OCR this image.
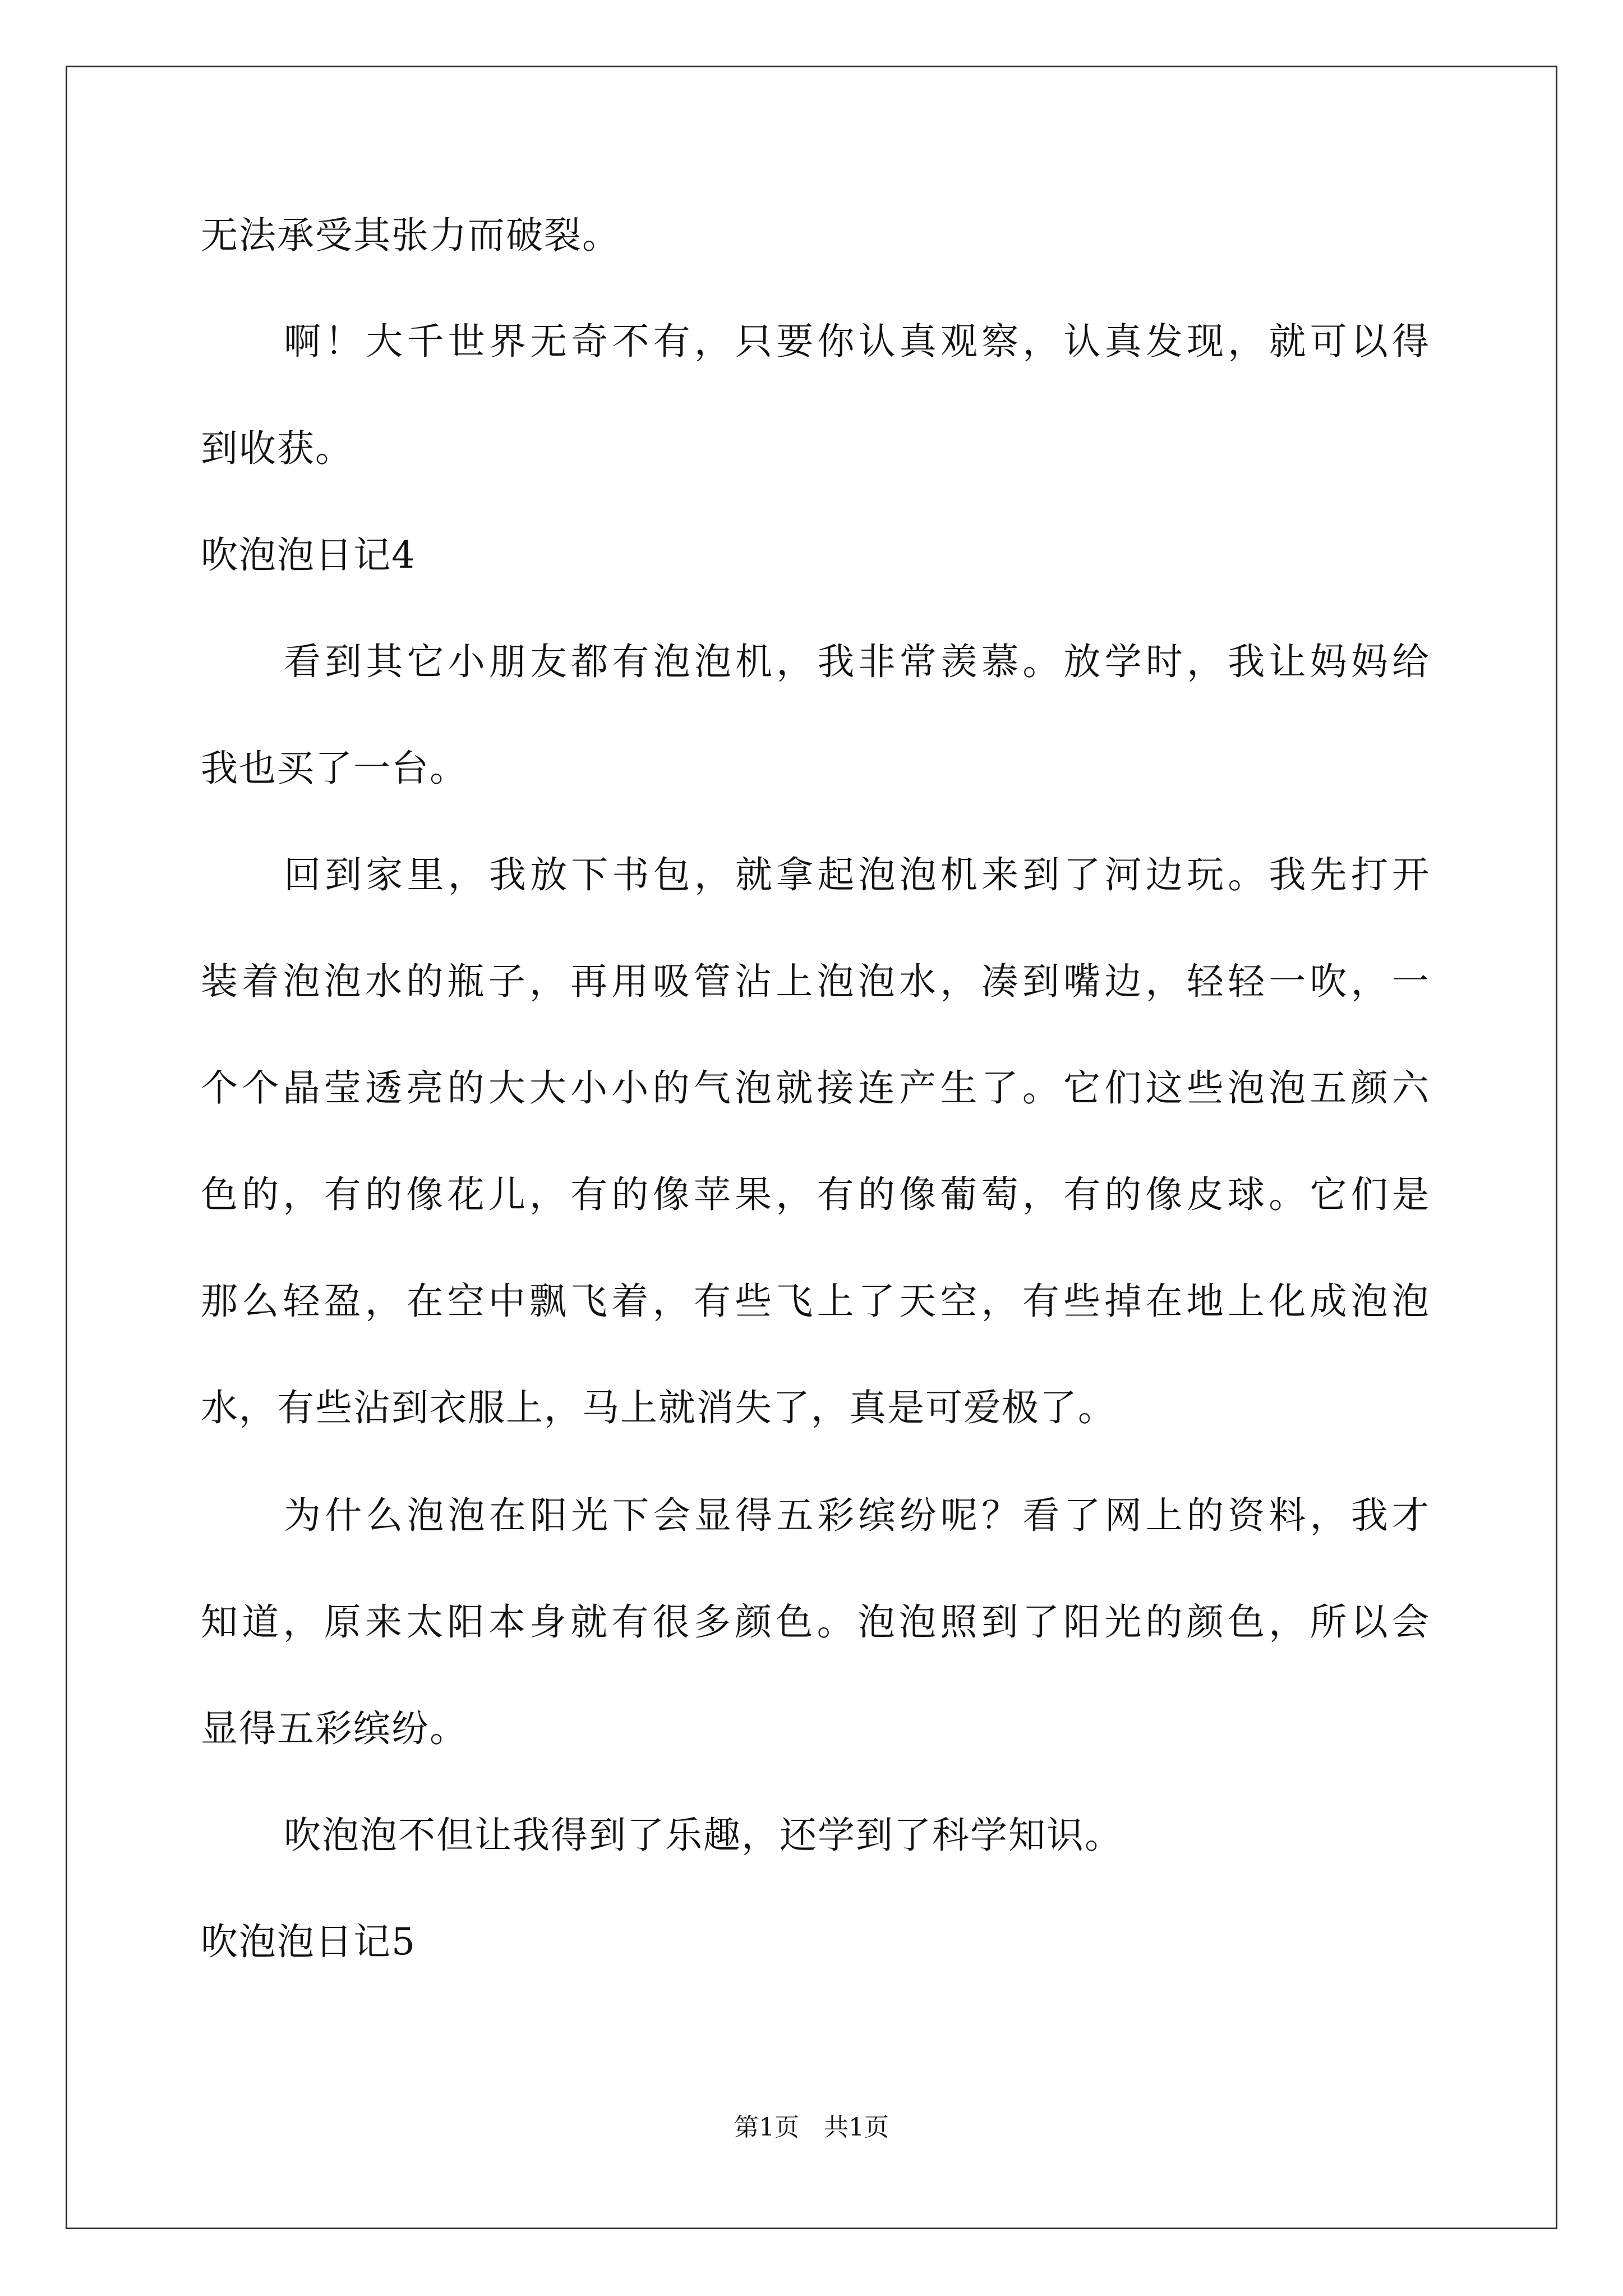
无法承受其张力而破裂。
啊！大千世界无奇不有，只要你认真观察，认真发现，就可以得
到收获。
吹泡泡日记4
看到其它小朋友都有泡泡机，我非常羡慕。放学时，我让妈妈给
我也买了一台。
回到家里，我放下书包，就拿起泡泡机来到了河边玩。我先打开
装着泡泡水的瓶子，再用吸管沾上泡泡水，凑到嘴边，轻轻一吹，一
个个晶莹透亮的大大小小的气泡就接连产生了。它们这些泡泡五颜六
色的，有的像花儿，有的像苹果，有的像葡萄，有的像皮球。它们是
那么轻盈，在空中飘飞着，有些飞上了天空，有些掉在地上化成泡泡
水，有些沾到衣服上，马上就消失了，真是可爱极了。
为什么泡泡在阳光下会显得五彩缤纷呢？看了网上的资料，我才
知道，原来太阳本身就有很多颜色。泡泡照到了阳光的颜色，所以会
显得五彩缤纷。
吹泡泡不但让我得到了乐趣，还学到了科学知识。
吹泡泡日记5
第1页　共1页
